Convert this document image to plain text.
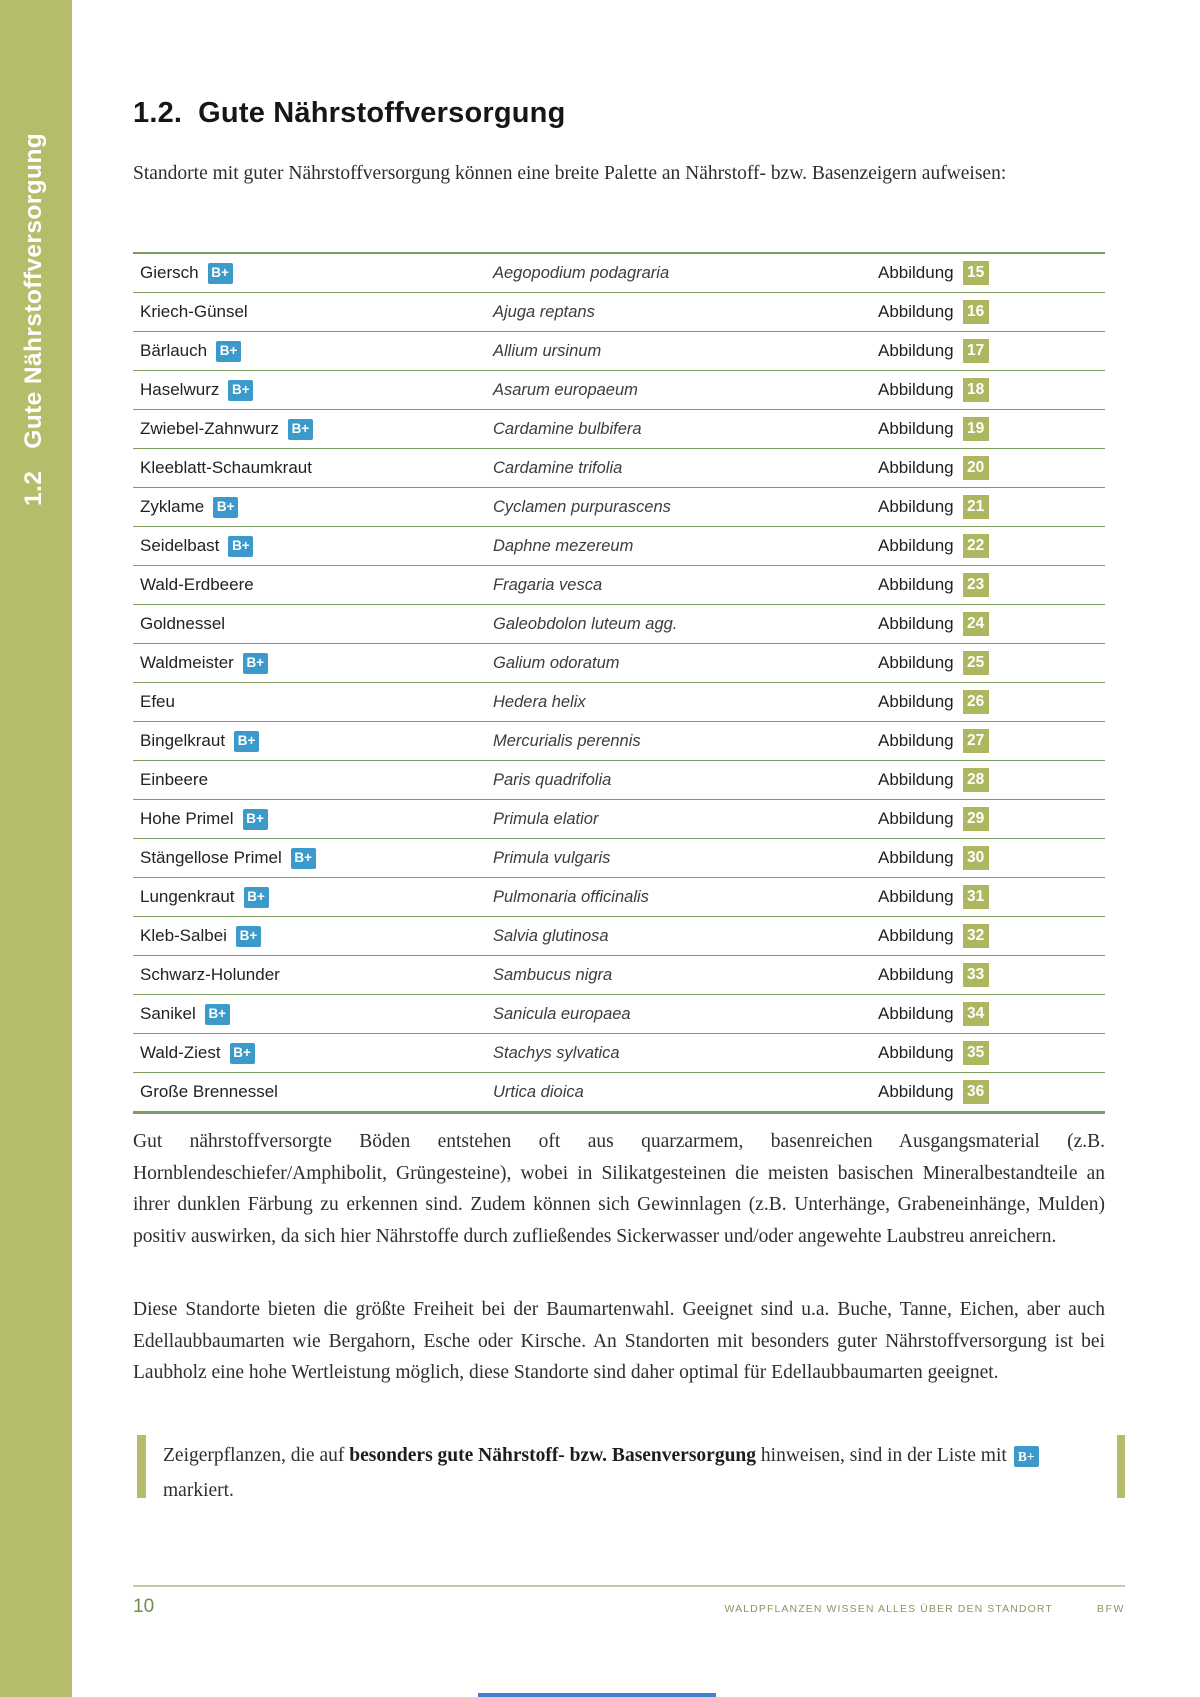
1.2Gute Nährstoffversorgung
1.2. Gute Nährstoffversorgung
Standorte mit guter Nährstoffversorgung können eine breite Palette an Nährstoff- bzw. Basenzeigern aufweisen:
Giersch B+	Aegopodium podagraria	Abbildung 15
Kriech-Günsel	Ajuga reptans	Abbildung 16
Bärlauch B+	Allium ursinum	Abbildung 17
Haselwurz B+	Asarum europaeum	Abbildung 18
Zwiebel-Zahnwurz B+	Cardamine bulbifera	Abbildung 19
Kleeblatt-Schaumkraut	Cardamine trifolia	Abbildung 20
Zyklame B+	Cyclamen purpurascens	Abbildung 21
Seidelbast B+	Daphne mezereum	Abbildung 22
Wald-Erdbeere	Fragaria vesca	Abbildung 23
Goldnessel	Galeobdolon luteum agg.	Abbildung 24
Waldmeister B+	Galium odoratum	Abbildung 25
Efeu	Hedera helix	Abbildung 26
Bingelkraut B+	Mercurialis perennis	Abbildung 27
Einbeere	Paris quadrifolia	Abbildung 28
Hohe Primel B+	Primula elatior	Abbildung 29
Stängellose Primel B+	Primula vulgaris	Abbildung 30
Lungenkraut B+	Pulmonaria officinalis	Abbildung 31
Kleb-Salbei B+	Salvia glutinosa	Abbildung 32
Schwarz-Holunder	Sambucus nigra	Abbildung 33
Sanikel B+	Sanicula europaea	Abbildung 34
Wald-Ziest B+	Stachys sylvatica	Abbildung 35
Große Brennessel	Urtica dioica	Abbildung 36
Gut nährstoffversorgte Böden entstehen oft aus quarzarmem, basenreichen Ausgangsmaterial (z.B. Hornblendeschiefer/Amphibolit, Grüngesteine), wobei in Silikatgesteinen die meisten basischen Mineralbestandteile an ihrer dunklen Färbung zu erkennen sind. Zudem können sich Gewinnlagen (z.B. Unterhänge, Grabeneinhänge, Mulden) positiv auswirken, da sich hier Nährstoffe durch zufließendes Sickerwasser und/oder angewehte Laubstreu anreichern.
Diese Standorte bieten die größte Freiheit bei der Baumartenwahl. Geeignet sind u.a. Buche, Tanne, Eichen, aber auch Edellaubbaumarten wie Bergahorn, Esche oder Kirsche. An Standorten mit besonders guter Nährstoffversorgung ist bei Laubholz eine hohe Wertleistung möglich, diese Standorte sind daher optimal für Edellaubbaumarten geeignet.
Zeigerpflanzen, die auf besonders gute Nährstoff- bzw. Basenversorgung hinweisen, sind in der Liste mit B+ markiert.
10	WALDPFLANZEN WISSEN ALLES ÜBER DEN STANDORT	BFW
